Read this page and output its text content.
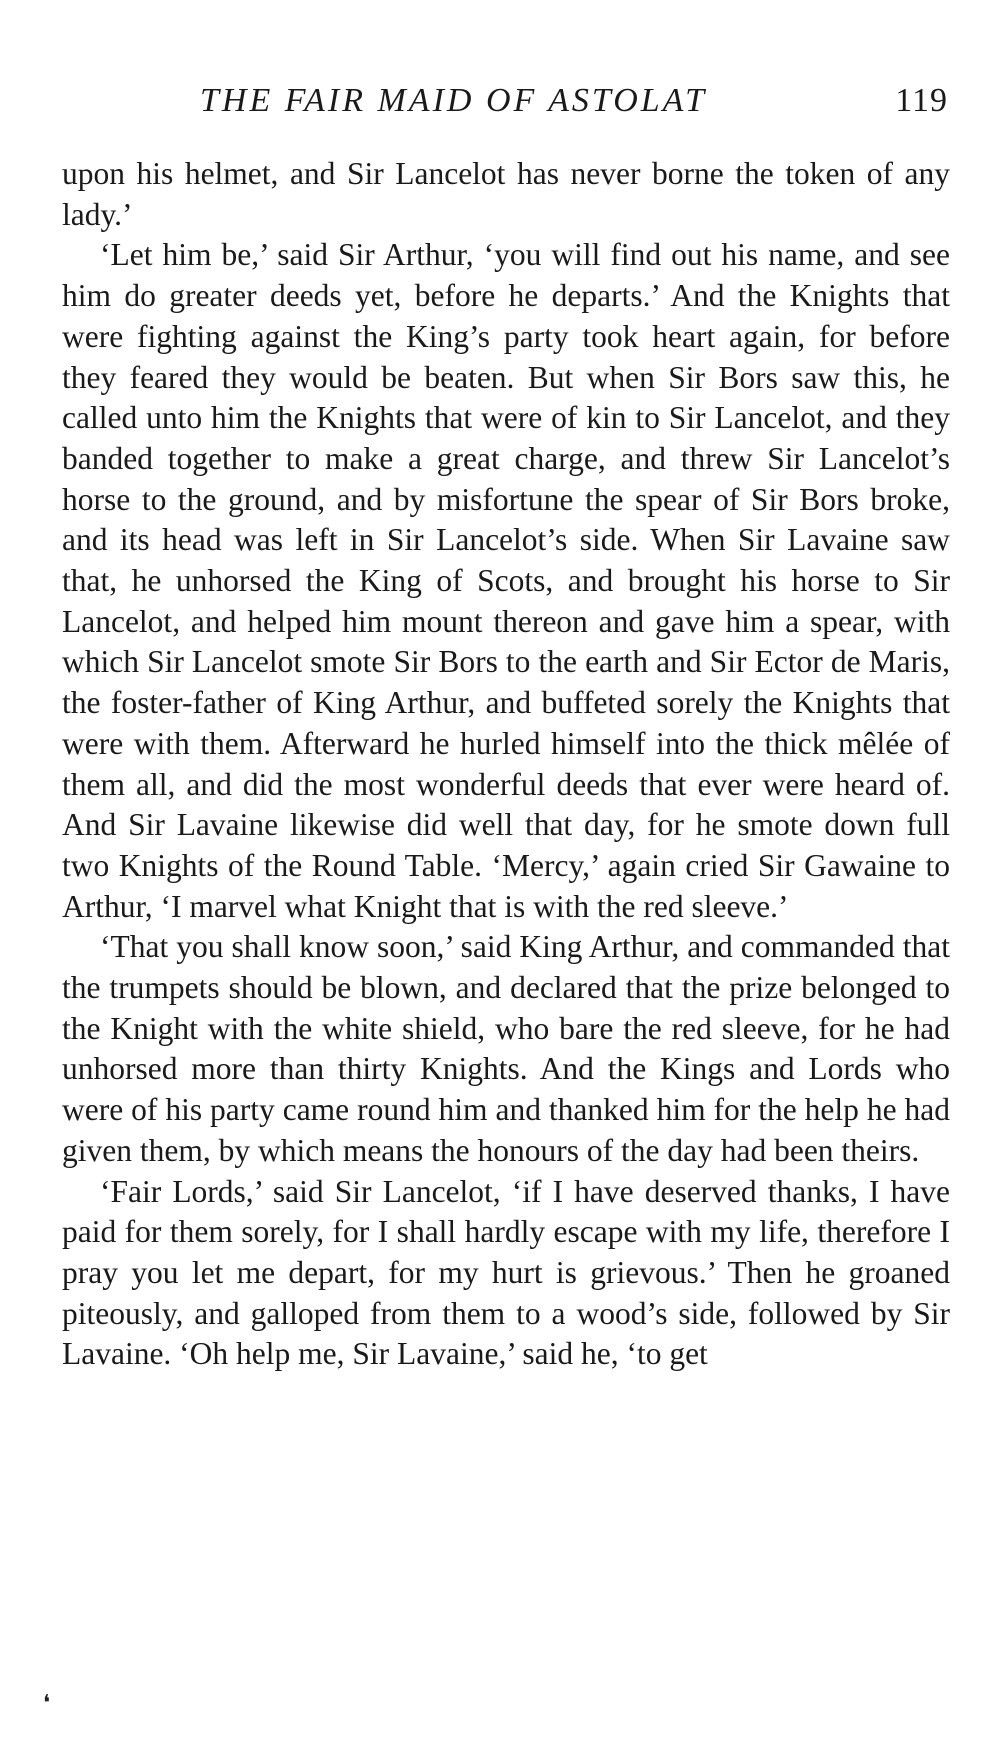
THE FAIR MAID OF ASTOLAT	119

upon his helmet, and Sir Lancelot has never borne the token of any lady.’

‘Let him be,’ said Sir Arthur, ‘you will find out his name, and see him do greater deeds yet, before he departs.’ And the Knights that were fighting against the King’s party took heart again, for before they feared they would be beaten. But when Sir Bors saw this, he called unto him the Knights that were of kin to Sir Lancelot, and they banded together to make a great charge, and threw Sir Lancelot’s horse to the ground, and by misfortune the spear of Sir Bors broke, and its head was left in Sir Lancelot’s side. When Sir Lavaine saw that, he unhorsed the King of Scots, and brought his horse to Sir Lancelot, and helped him mount thereon and gave him a spear, with which Sir Lancelot smote Sir Bors to the earth and Sir Ector de Maris, the foster-father of King Arthur, and buffeted sorely the Knights that were with them. Afterward he hurled himself into the thick mêlée of them all, and did the most wonderful deeds that ever were heard of. And Sir Lavaine likewise did well that day, for he smote down full two Knights of the Round Table. ‘Mercy,’ again cried Sir Gawaine to Arthur, ‘I marvel what Knight that is with the red sleeve.’

‘That you shall know soon,’ said King Arthur, and commanded that the trumpets should be blown, and declared that the prize belonged to the Knight with the white shield, who bare the red sleeve, for he had unhorsed more than thirty Knights. And the Kings and Lords who were of his party came round him and thanked him for the help he had given them, by which means the honours of the day had been theirs.

‘Fair Lords,’ said Sir Lancelot, ‘if I have deserved thanks, I have paid for them sorely, for I shall hardly escape with my life, therefore I pray you let me depart, for my hurt is grievous.’ Then he groaned piteously, and galloped from them to a wood’s side, followed by Sir Lavaine. ‘Oh help me, Sir Lavaine,’ said he, ‘to get

❛
